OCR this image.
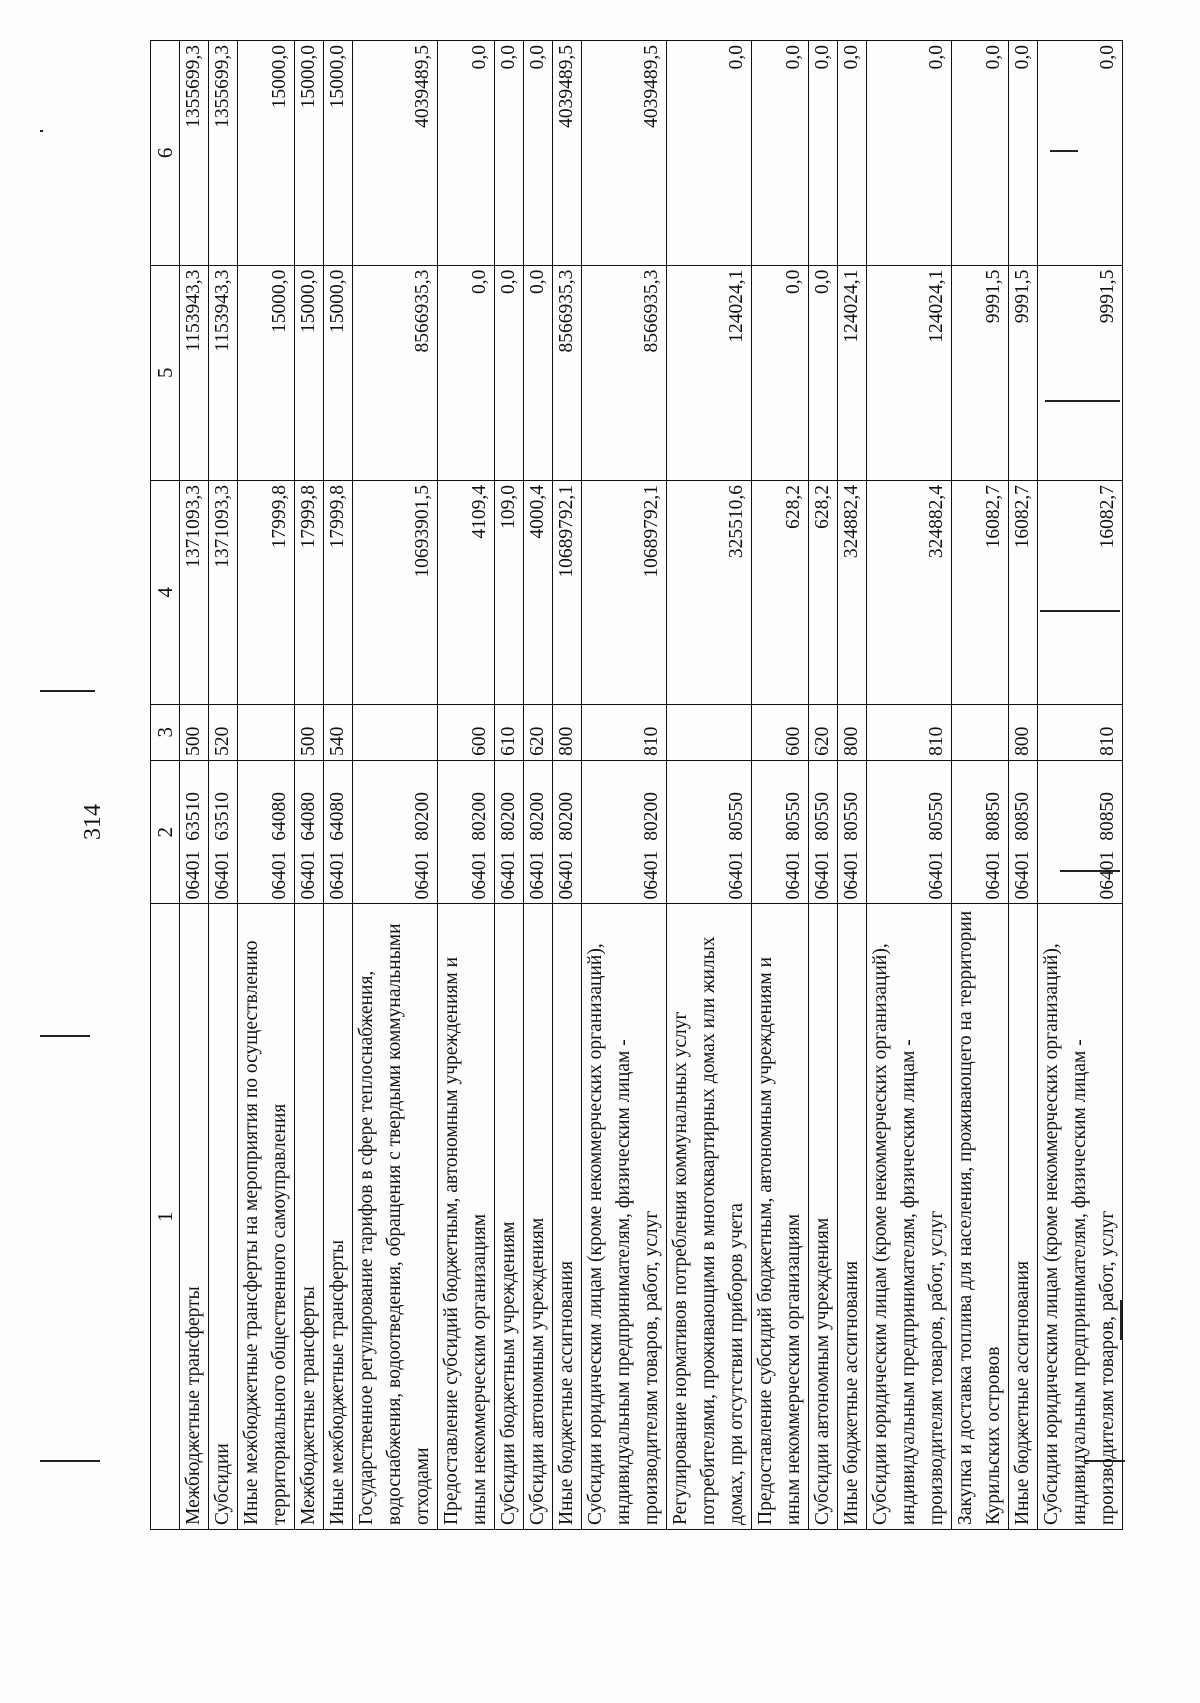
314
1	2	3	4	5	6
Межбюджетные трансферты	0640163510	500	1371093,3	1153943,3	1355699,3
Субсидии	0640163510	520	1371093,3	1153943,3	1355699,3
Иные межбюджетные трансферты на мероприятия по осуществлению территориального общественного самоуправления	0640164080		17999,8	15000,0	15000,0
Межбюджетные трансферты	0640164080	500	17999,8	15000,0	15000,0
Иные межбюджетные трансферты	0640164080	540	17999,8	15000,0	15000,0
Государственное регулирование тарифов в сфере теплоснабжения, водоснабжения, водоотведения, обращения с твердыми коммунальными отходами	0640180200		10693901,5	8566935,3	4039489,5
Предоставление субсидий бюджетным, автономным учреждениям и иным некоммерческим организациям	0640180200	600	4109,4	0,0	0,0
Субсидии бюджетным учреждениям	0640180200	610	109,0	0,0	0,0
Субсидии автономным учреждениям	0640180200	620	4000,4	0,0	0,0
Иные бюджетные ассигнования	0640180200	800	10689792,1	8566935,3	4039489,5
Субсидии юридическим лицам (кроме некоммерческих организаций), индивидуальным предпринимателям, физическим лицам - производителям товаров, работ, услуг	0640180200	810	10689792,1	8566935,3	4039489,5
Регулирование нормативов потребления коммунальных услуг потребителями, проживающими в многоквартирных домах или жилых домах, при отсутствии приборов учета	0640180550		325510,6	124024,1	0,0
Предоставление субсидий бюджетным, автономным учреждениям и иным некоммерческим организациям	0640180550	600	628,2	0,0	0,0
Субсидии автономным учреждениям	0640180550	620	628,2	0,0	0,0
Иные бюджетные ассигнования	0640180550	800	324882,4	124024,1	0,0
Субсидии юридическим лицам (кроме некоммерческих организаций), индивидуальным предпринимателям, физическим лицам - производителям товаров, работ, услуг	0640180550	810	324882,4	124024,1	0,0
Закупка и доставка топлива для населения, проживающего на территории Курильских островов	0640180850		16082,7	9991,5	0,0
Иные бюджетные ассигнования	0640180850	800	16082,7	9991,5	0,0
Субсидии юридическим лицам (кроме некоммерческих организаций), индивидуальным предпринимателям, физическим лицам - производителям товаров, работ, услуг	0640180850	810	16082,7	9991,5	0,0
